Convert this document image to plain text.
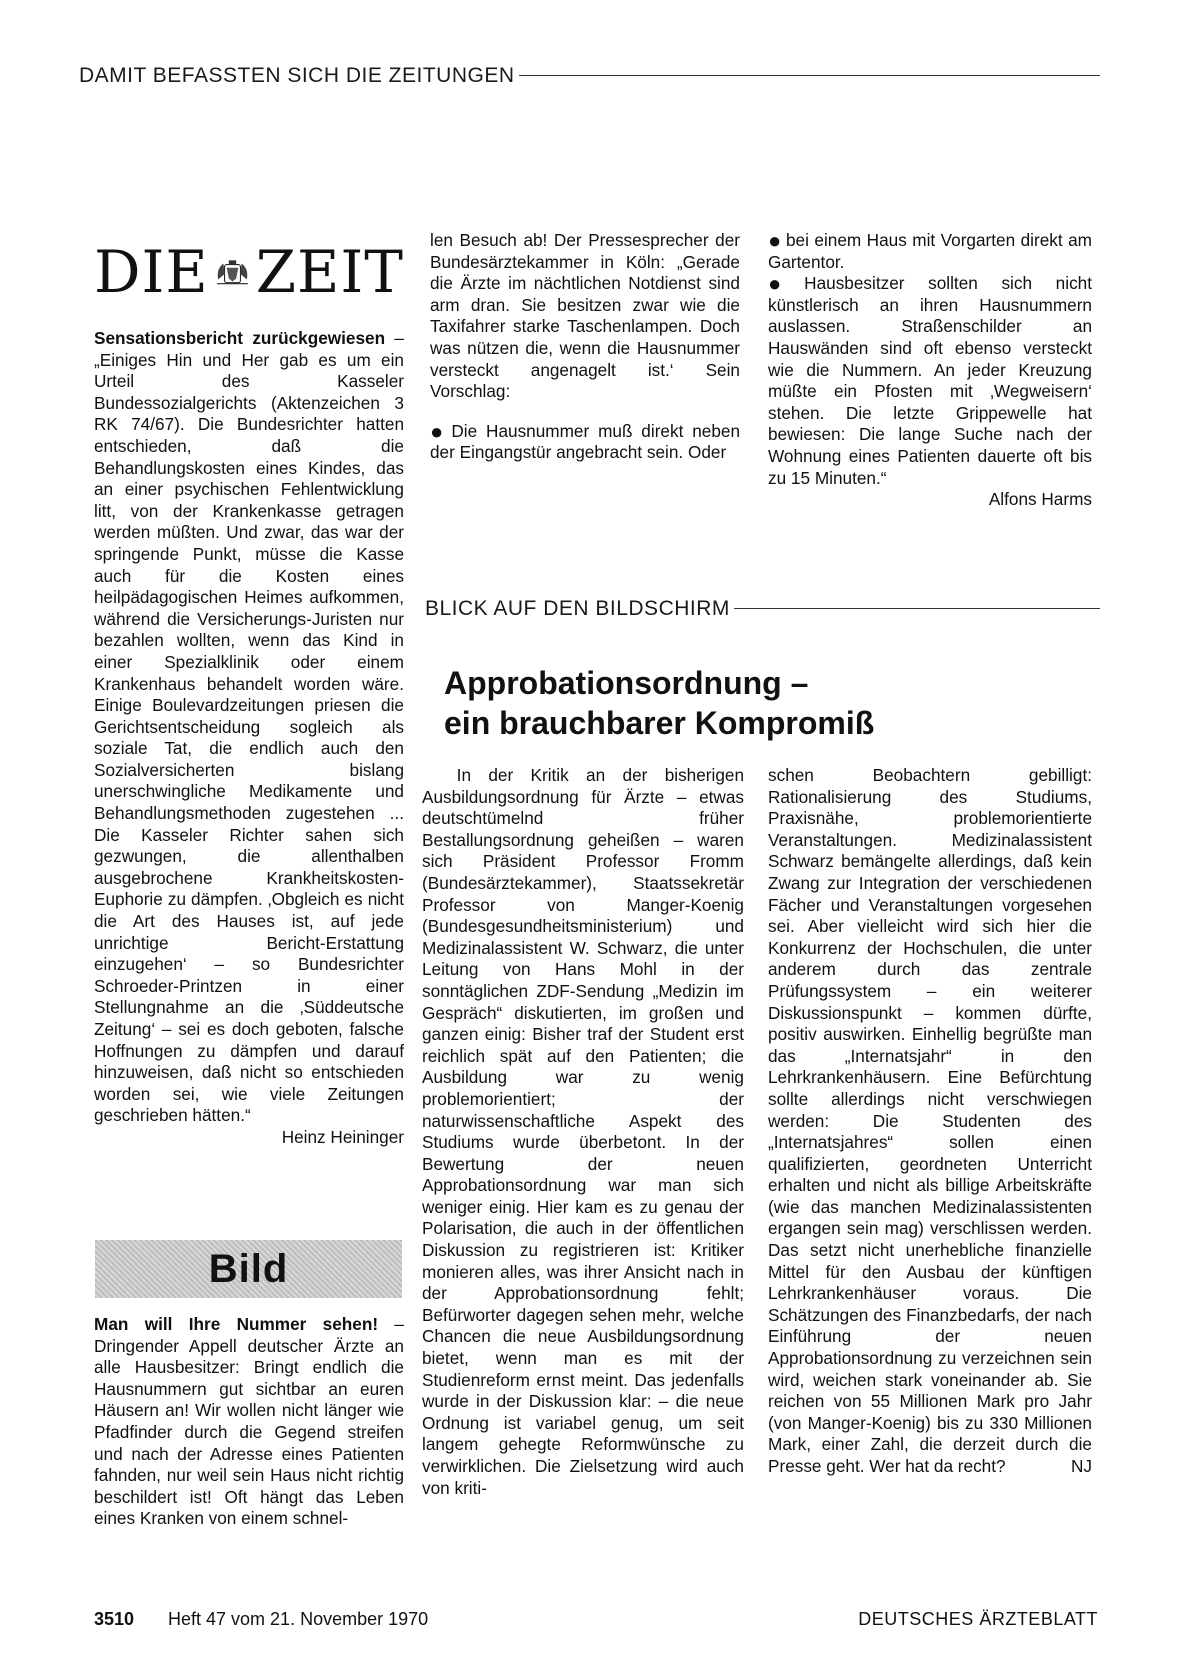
DAMIT BEFASSTEN SICH DIE ZEITUNGEN
DIE ZEIT

Sensationsbericht zurückgewiesen – „Einiges Hin und Her gab es um ein Urteil des Kasseler Bundessozialgerichts (Aktenzeichen 3 RK 74/67). Die Bundesrichter hatten entschieden, daß die Behandlungskosten eines Kindes, das an einer psychischen Fehlentwicklung litt, von der Krankenkasse getragen werden müßten. Und zwar, das war der springende Punkt, müsse die Kasse auch für die Kosten eines heilpädagogischen Heimes aufkommen, während die Versicherungs-Juristen nur bezahlen wollten, wenn das Kind in einer Spezialklinik oder einem Krankenhaus behandelt worden wäre. Einige Boulevardzeitungen priesen die Gerichtsentscheidung sogleich als soziale Tat, die endlich auch den Sozialversicherten bislang unerschwingliche Medikamente und Behandlungsmethoden zugestehen ... Die Kasseler Richter sahen sich gezwungen, die allenthalben ausgebrochene Krankheitskosten-Euphorie zu dämpfen. ‚Obgleich es nicht die Art des Hauses ist, auf jede unrichtige Bericht-Erstattung einzugehen‘ – so Bundesrichter Schroeder-Printzen in einer Stellungnahme an die ‚Süddeutsche Zeitung‘ – sei es doch geboten, falsche Hoffnungen zu dämpfen und darauf hinzuweisen, daß nicht so entschieden worden sei, wie viele Zeitungen geschrieben hätten.“

Heinz Heininger

Bild

Man will Ihre Nummer sehen! – Dringender Appell deutscher Ärzte an alle Hausbesitzer: Bringt endlich die Hausnummern gut sichtbar an euren Häusern an! Wir wollen nicht länger wie Pfadfinder durch die Gegend streifen und nach der Adresse eines Patienten fahnden, nur weil sein Haus nicht richtig beschildert ist! Oft hängt das Leben eines Kranken von einem schnel-

len Besuch ab! Der Pressesprecher der Bundesärztekammer in Köln: „Gerade die Ärzte im nächtlichen Notdienst sind arm dran. Sie besitzen zwar wie die Taxifahrer starke Taschenlampen. Doch was nützen die, wenn die Hausnummer versteckt angenagelt ist.‘ Sein Vorschlag:

● Die Hausnummer muß direkt neben der Eingangstür angebracht sein. Oder

● bei einem Haus mit Vorgarten direkt am Gartentor.

● Hausbesitzer sollten sich nicht künstlerisch an ihren Hausnummern auslassen. Straßenschilder an Hauswänden sind oft ebenso versteckt wie die Nummern. An jeder Kreuzung müßte ein Pfosten mit ‚Wegweisern‘ stehen. Die letzte Grippewelle hat bewiesen: Die lange Suche nach der Wohnung eines Patienten dauerte oft bis zu 15 Minuten.“

Alfons Harms

BLICK AUF DEN BILDSCHIRM
Approbationsordnung –
ein brauchbarer Kompromiß

In der Kritik an der bisherigen Ausbildungsordnung für Ärzte – etwas deutschtümelnd früher Bestallungsordnung geheißen – waren sich Präsident Professor Fromm (Bundesärztekammer), Staatssekretär Professor von Manger-Koenig (Bundesgesundheitsministerium) und Medizinalassistent W. Schwarz, die unter Leitung von Hans Mohl in der sonntäglichen ZDF-Sendung „Medizin im Gespräch“ diskutierten, im großen und ganzen einig: Bisher traf der Student erst reichlich spät auf den Patienten; die Ausbildung war zu wenig problemorientiert; der naturwissenschaftliche Aspekt des Studiums wurde überbetont. In der Bewertung der neuen Approbationsordnung war man sich weniger einig. Hier kam es zu genau der Polarisation, die auch in der öffentlichen Diskussion zu registrieren ist: Kritiker monieren alles, was ihrer Ansicht nach in der Approbationsordnung fehlt; Befürworter dagegen sehen mehr, welche Chancen die neue Ausbildungsordnung bietet, wenn man es mit der Studienreform ernst meint. Das jedenfalls wurde in der Diskussion klar: – die neue Ordnung ist variabel genug, um seit langem gehegte Reformwünsche zu verwirklichen. Die Zielsetzung wird auch von kriti-

schen Beobachtern gebilligt: Rationalisierung des Studiums, Praxisnähe, problemorientierte Veranstaltungen. Medizinalassistent Schwarz bemängelte allerdings, daß kein Zwang zur Integration der verschiedenen Fächer und Veranstaltungen vorgesehen sei. Aber vielleicht wird sich hier die Konkurrenz der Hochschulen, die unter anderem durch das zentrale Prüfungssystem – ein weiterer Diskussionspunkt – kommen dürfte, positiv auswirken. Einhellig begrüßte man das „Internatsjahr“ in den Lehrkrankenhäusern. Eine Befürchtung sollte allerdings nicht verschwiegen werden: Die Studenten des „Internatsjahres“ sollen einen qualifizierten, geordneten Unterricht erhalten und nicht als billige Arbeitskräfte (wie das manchen Medizinalassistenten ergangen sein mag) verschlissen werden. Das setzt nicht unerhebliche finanzielle Mittel für den Ausbau der künftigen Lehrkrankenhäuser voraus. Die Schätzungen des Finanzbedarfs, der nach Einführung der neuen Approbationsordnung zu verzeichnen sein wird, weichen stark voneinander ab. Sie reichen von 55 Millionen Mark pro Jahr (von Manger-Koenig) bis zu 330 Millionen Mark, einer Zahl, die derzeit durch die Presse geht. Wer hat da recht?	NJ

3510 Heft 47 vom 21. November 1970	DEUTSCHES ÄRZTEBLATT
